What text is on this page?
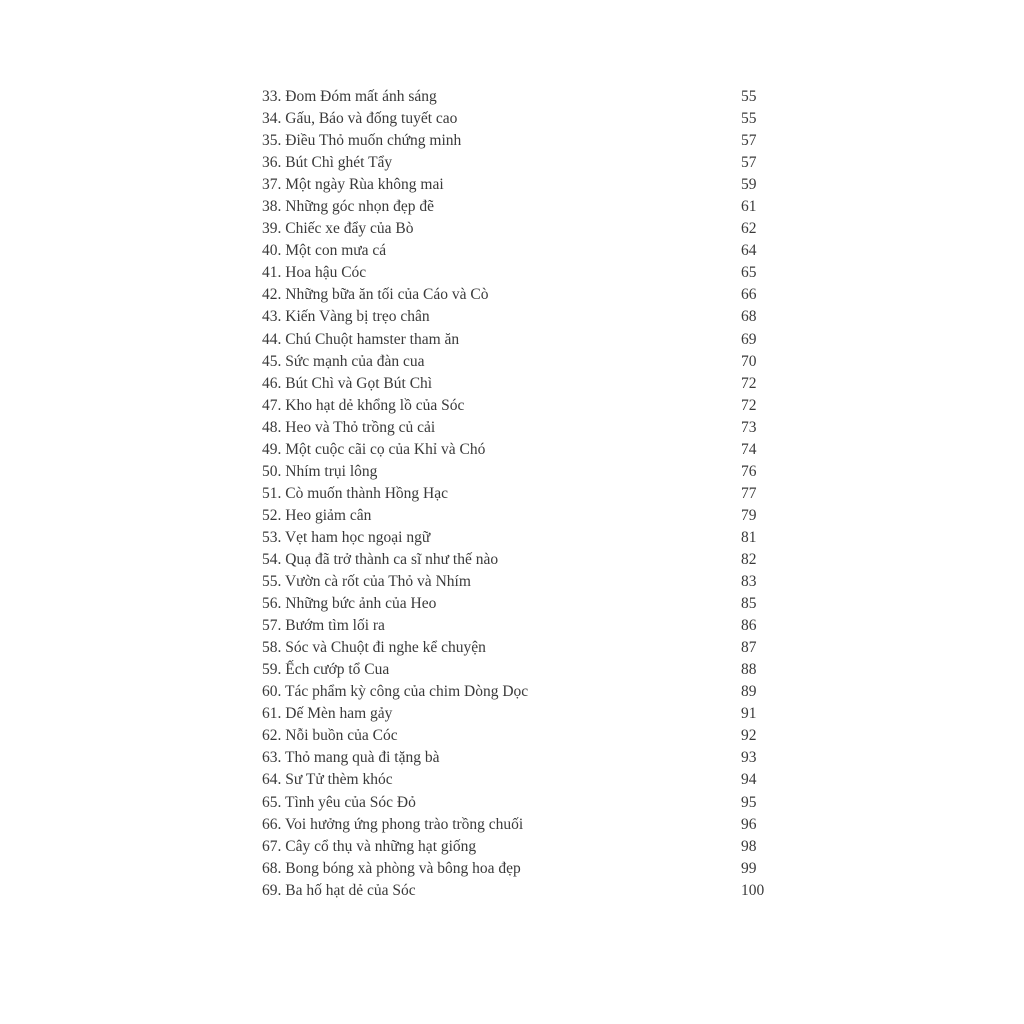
33. Đom Đóm mất ánh sáng	55
34. Gấu, Báo và đống tuyết cao	55
35. Điều Thỏ muốn chứng minh	57
36. Bút Chì ghét Tẩy	57
37. Một ngày Rùa không mai	59
38. Những góc nhọn đẹp đẽ	61
39. Chiếc xe đẩy của Bò	62
40. Một con mưa cá	64
41. Hoa hậu Cóc	65
42. Những bữa ăn tối của Cáo và Cò	66
43. Kiến Vàng bị trẹo chân	68
44. Chú Chuột hamster tham ăn	69
45. Sức mạnh của đàn cua	70
46. Bút Chì và Gọt Bút Chì	72
47. Kho hạt dẻ khổng lồ của Sóc	72
48. Heo và Thỏ trồng củ cải	73
49. Một cuộc cãi cọ của Khỉ và Chó	74
50. Nhím trụi lông	76
51. Cò muốn thành Hồng Hạc	77
52. Heo giảm cân	79
53. Vẹt ham học ngoại ngữ	81
54. Quạ đã trở thành ca sĩ như thế nào	82
55. Vườn cà rốt của Thỏ và Nhím	83
56. Những bức ảnh của Heo	85
57. Bướm tìm lối ra	86
58. Sóc và Chuột đi nghe kể chuyện	87
59. Ếch cướp tổ Cua	88
60. Tác phẩm kỳ công của chim Dòng Dọc	89
61. Dế Mèn ham gảy	91
62. Nỗi buồn của Cóc	92
63. Thỏ mang quà đi tặng bà	93
64. Sư Tử thèm khóc	94
65. Tình yêu của Sóc Đỏ	95
66. Voi hưởng ứng phong trào trồng chuối	96
67. Cây cổ thụ và những hạt giống	98
68. Bong bóng xà phòng và bông hoa đẹp	99
69. Ba hố hạt dẻ của Sóc	100
